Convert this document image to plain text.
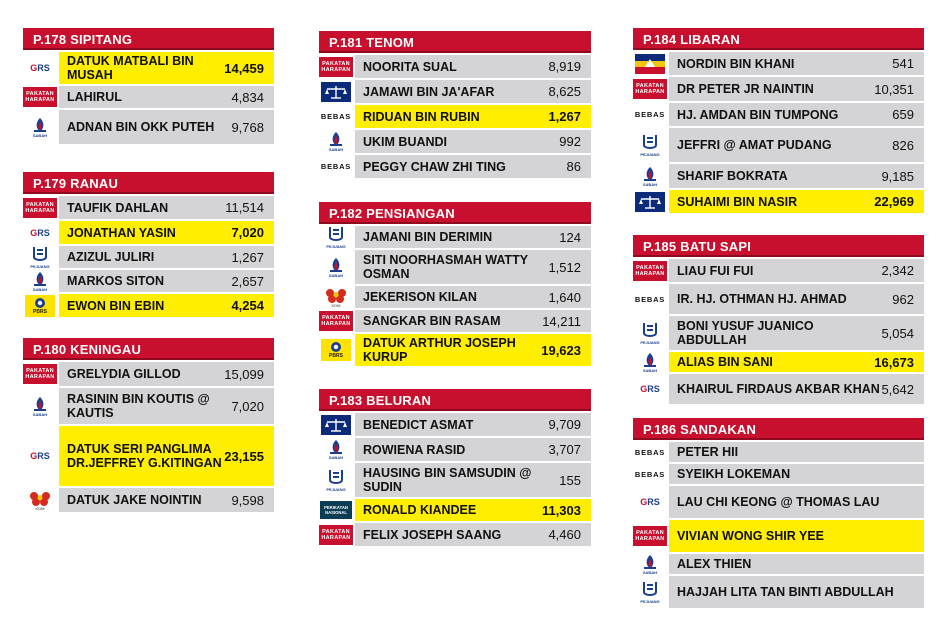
P.178 SIPITANG
G RS	DATUK MATBALI BIN MUSAH	14,459
PAKATAN
HARAPAN LAHIRUL	4,834
SABAH
ADNAN BIN OKK PUTEH	9,768
P.179 RANAU
PAKATAN
HARAPAN TAUFIK DAHLAN	11,514
G RS	JONATHAN YASIN	7,020
PEJUANG
AZIZUL JULIRI	1,267
SABAH
MARKOS SITON	2,657
PBRS	EWON BIN EBIN	4,254
P.180 KENINGAU
PAKATAN
HARAPAN GRELYDIA GILLOD	15,099
SABAH
RASININ BIN KOUTIS @ KAUTIS	7,020
G RS	DATUK SERI PANGLIMA DR.JEFFREY G.KITINGAN 23,155
KDM
DATUK JAKE NOINTIN	9,598
P.181 TENOM
PAKATAN
HARAPAN NOORITA SUAL	8,919
JAMAWI BIN JA'AFAR	8,625
BEBAS RIDUAN BIN RUBIN	1,267
SABAH
UKIM BUANDI	992
BEBAS PEGGY CHAW ZHI TING	86
P.182 PENSIANGAN
PEJUANG
JAMANI BIN DERIMIN	124
SABAH
SITI NOORHASMAH WATTY OSMAN	1,512
KDM
JEKERISON KILAN	1,640
PAKATAN
HARAPAN SANGKAR BIN RASAM	14,211
PBRS
DATUK ARTHUR JOSEPH KURUP	19,623
P.183 BELURAN
BENEDICT ASMAT	9,709
SABAH
ROWIENA RASID	3,707
PEJUANG
HAUSING BIN SAMSUDIN @ SUDIN	155
PERIKATAN
NASIONAL	RONALD KIANDEE	11,303
PAKATAN
HARAPAN FELIX JOSEPH SAANG	4,460
P.184 LIBARAN
NORDIN BIN KHANI	541
PAKATAN
HARAPAN DR PETER JR NAINTIN	10,351
BEBAS HJ. AMDAN BIN TUMPONG	659
PEJUANG
JEFFRI @ AMAT PUDANG	826
SABAH
SHARIF BOKRATA	9,185
SUHAIMI BIN NASIR	22,969
P.185 BATU SAPI
PAKATAN
HARAPAN LIAU FUI FUI	2,342
BEBAS IR. HJ. OTHMAN HJ. AHMAD	962
PEJUANG
BONI YUSUF JUANICO ABDULLAH	5,054
SABAH
ALIAS BIN SANI	16,673
G RS	KHAIRUL FIRDAUS AKBAR KHAN 5,642
P.186 SANDAKAN
BEBAS PETER HII
BEBAS SYEIKH LOKEMAN
G RS	LAU CHI KEONG @ THOMAS LAU
PAKATAN
HARAPAN VIVIAN WONG SHIR YEE
SABAH
ALEX THIEN
PEJUANG
HAJJAH LITA TAN BINTI ABDULLAH
